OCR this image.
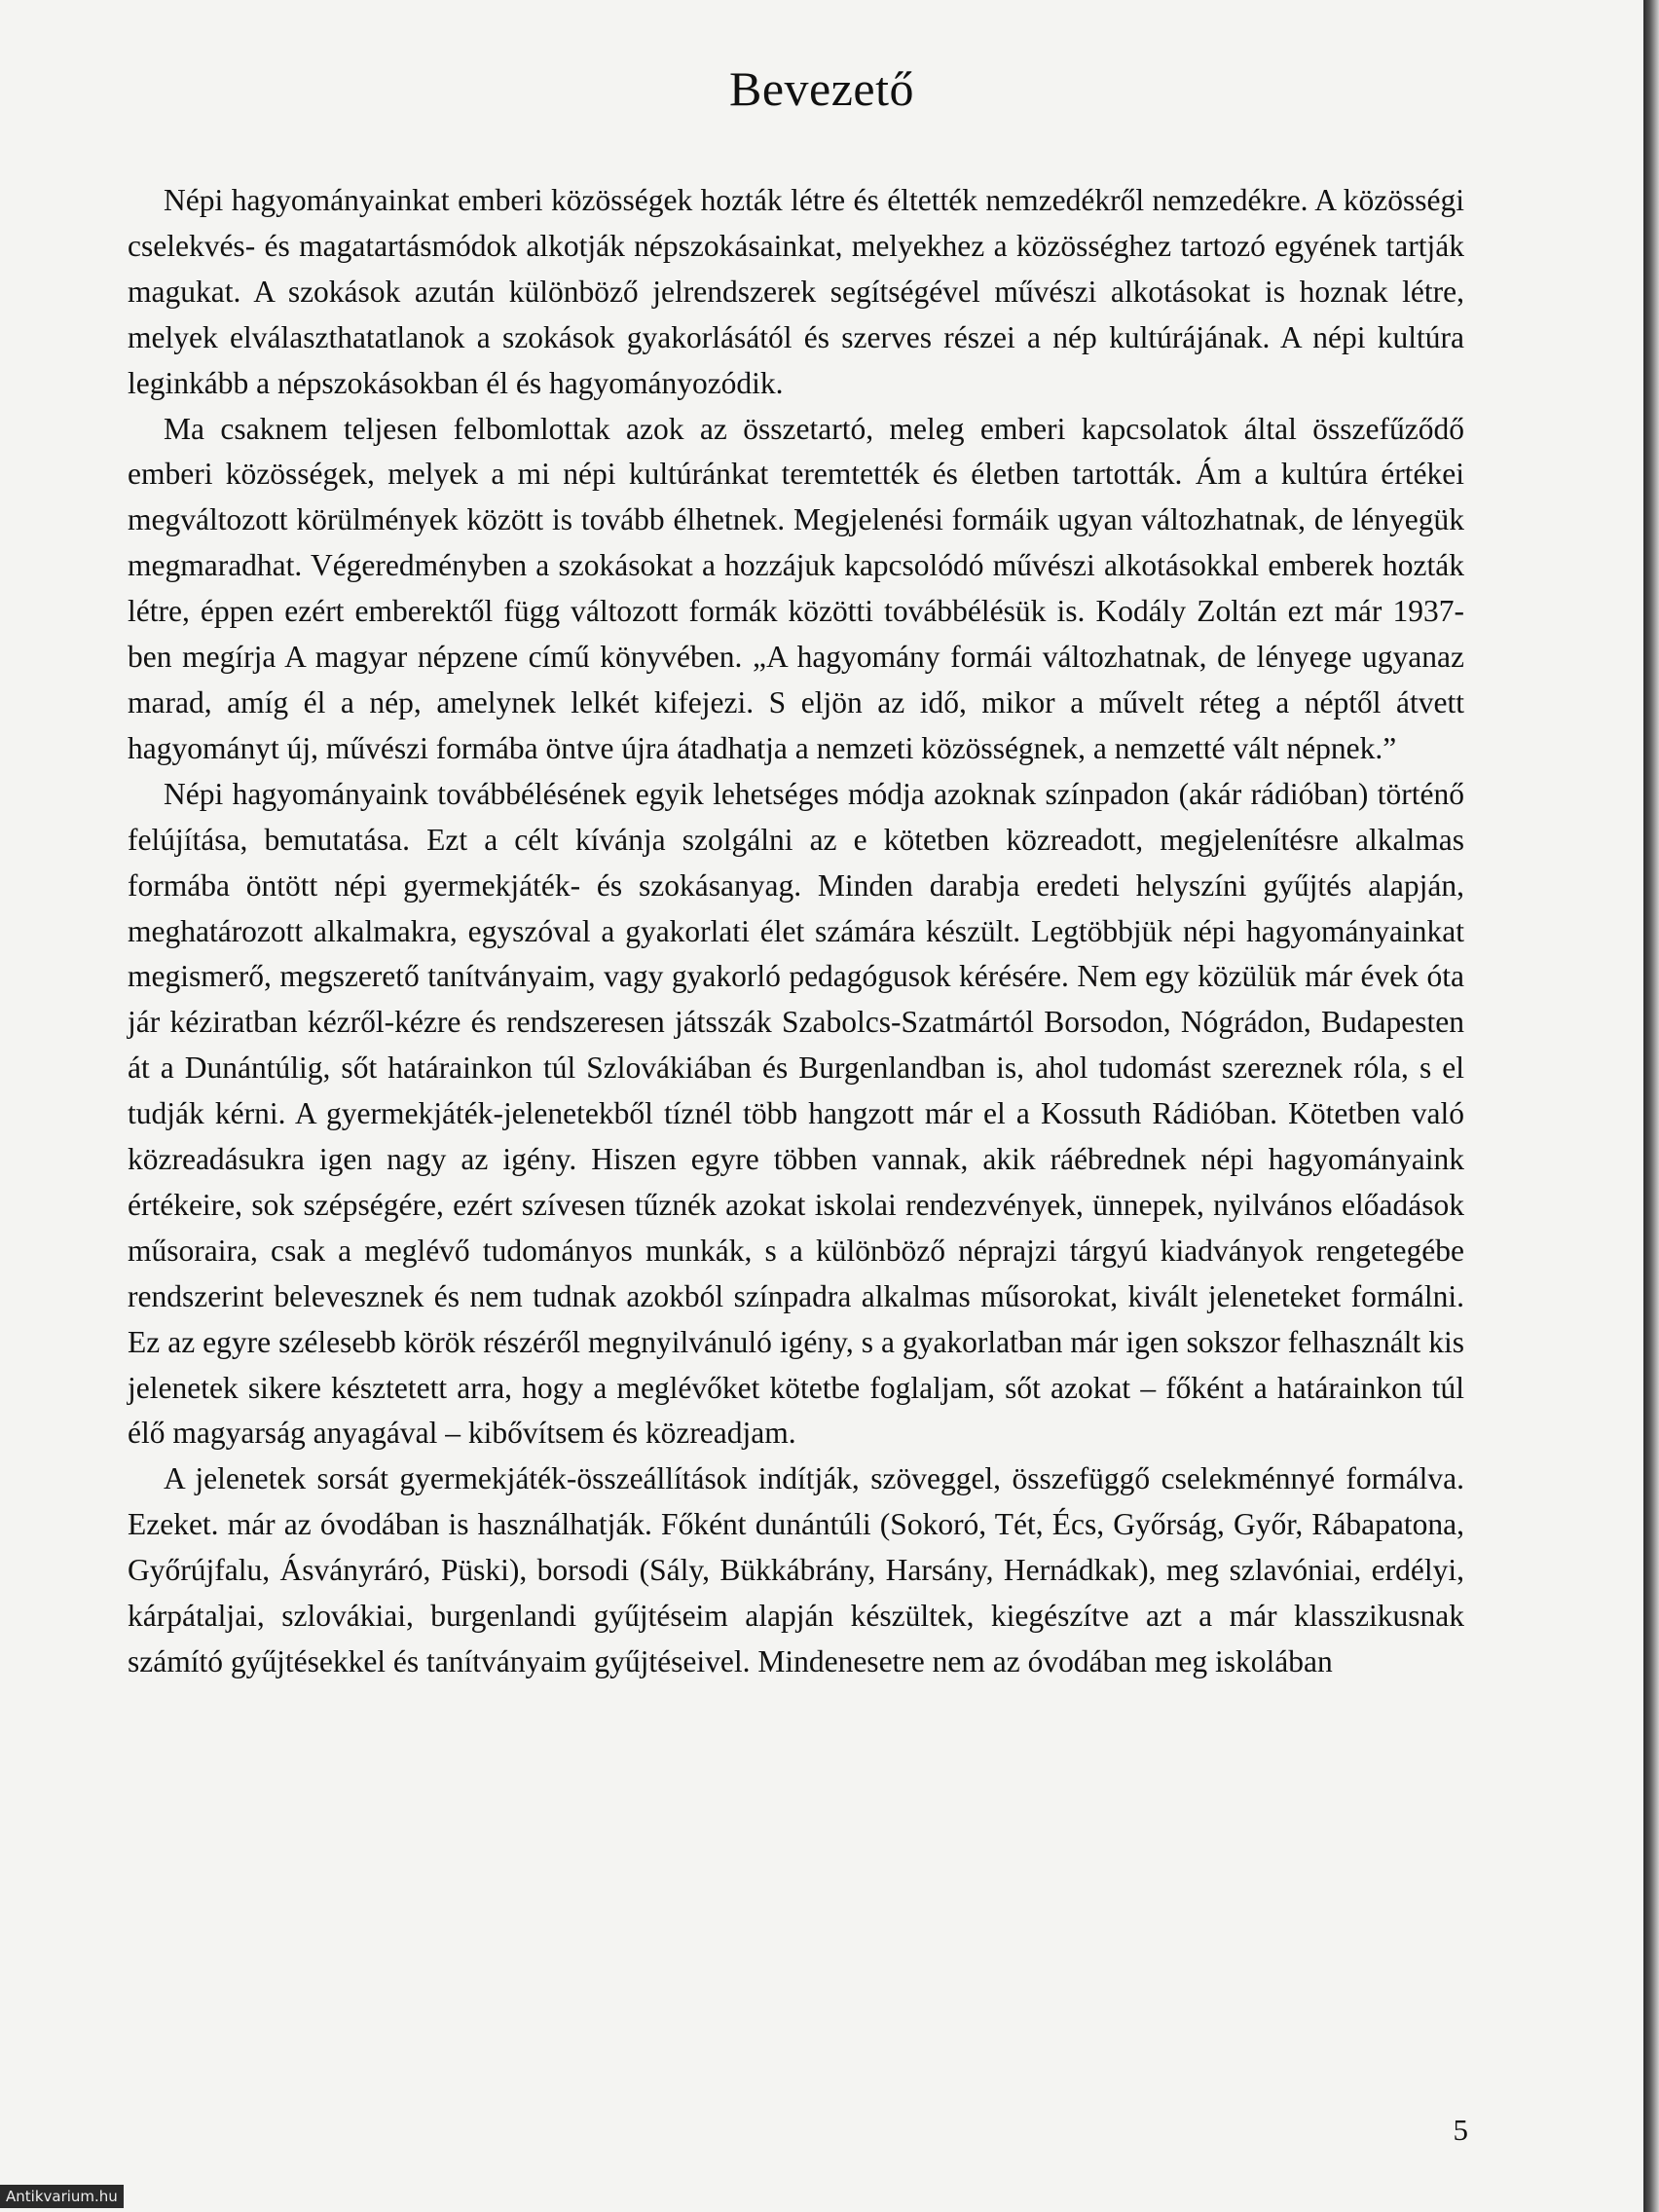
Bevezető

Népi hagyományainkat emberi közösségek hozták létre és éltették nemzedékről nemzedékre. A közösségi cselekvés- és magatartásmódok alkotják népszokásainkat, melyekhez a közösséghez tartozó egyének tartják magukat. A szokások azután különböző jelrendszerek segítségével művészi alkotásokat is hoznak létre, melyek elválaszthatatlanok a szokások gyakorlásától és szerves részei a nép kultúrájának. A népi kultúra leginkább a népszokásokban él és hagyományozódik.

Ma csaknem teljesen felbomlottak azok az összetartó, meleg emberi kapcsolatok által összefűződő emberi közösségek, melyek a mi népi kultúránkat teremtették és életben tartották. Ám a kultúra értékei megváltozott körülmények között is tovább élhetnek. Megjelenési formáik ugyan változhatnak, de lényegük megmaradhat. Végeredményben a szokásokat a hozzájuk kapcsolódó művészi alkotásokkal emberek hozták létre, éppen ezért emberektől függ változott formák közötti továbbélésük is. Kodály Zoltán ezt már 1937-ben megírja A magyar népzene című könyvében. „A hagyomány formái változhatnak, de lényege ugyanaz marad, amíg él a nép, amelynek lelkét kifejezi. S eljön az idő, mikor a művelt réteg a néptől átvett hagyományt új, művészi formába öntve újra átadhatja a nemzeti közösségnek, a nemzetté vált népnek.”

Népi hagyományaink továbbélésének egyik lehetséges módja azoknak színpadon (akár rádióban) történő felújítása, bemutatása. Ezt a célt kívánja szolgálni az e kötetben közreadott, megjelenítésre alkalmas formába öntött népi gyermekjáték- és szokásanyag. Minden darabja eredeti helyszíni gyűjtés alapján, meghatározott alkalmakra, egyszóval a gyakorlati élet számára készült. Legtöbbjük népi hagyományainkat megismerő, megszerető tanítványaim, vagy gyakorló pedagógusok kérésére. Nem egy közülük már évek óta jár kéziratban kézről-kézre és rendszeresen játsszák Szabolcs-Szatmártól Borsodon, Nógrádon, Budapesten át a Dunántúlig, sőt határainkon túl Szlovákiában és Burgenlandban is, ahol tudomást szereznek róla, s el tudják kérni. A gyermekjáték-jelenetekből tíznél több hangzott már el a Kossuth Rádióban. Kötetben való közreadásukra igen nagy az igény. Hiszen egyre többen vannak, akik ráébrednek népi hagyományaink értékeire, sok szépségére, ezért szívesen tűznék azokat iskolai rendezvények, ünnepek, nyilvános előadások műsoraira, csak a meglévő tudományos munkák, s a különböző néprajzi tárgyú kiadványok rengetegébe rendszerint belevesznek és nem tudnak azokból színpadra alkalmas műsorokat, kivált jeleneteket formálni. Ez az egyre szélesebb körök részéről megnyilvánuló igény, s a gyakorlatban már igen sokszor felhasznált kis jelenetek sikere késztetett arra, hogy a meglévőket kötetbe foglaljam, sőt azokat – főként a határainkon túl élő magyarság anyagával – kibővítsem és közreadjam.

A jelenetek sorsát gyermekjáték-összeállítások indítják, szöveggel, összefüggő cselekménnyé formálva. Ezeket. már az óvodában is használhatják. Főként dunántúli (Sokoró, Tét, Écs, Győrság, Győr, Rábapatona, Győrújfalu, Ásványráró, Püski), borsodi (Sály, Bükkábrány, Harsány, Hernádkak), meg szlavóniai, erdélyi, kárpátaljai, szlovákiai, burgenlandi gyűjtéseim alapján készültek, kiegészítve azt a már klasszikusnak számító gyűjtésekkel és tanítványaim gyűjtéseivel. Mindenesetre nem az óvodában meg iskolában

5
Antikvarium.hu
